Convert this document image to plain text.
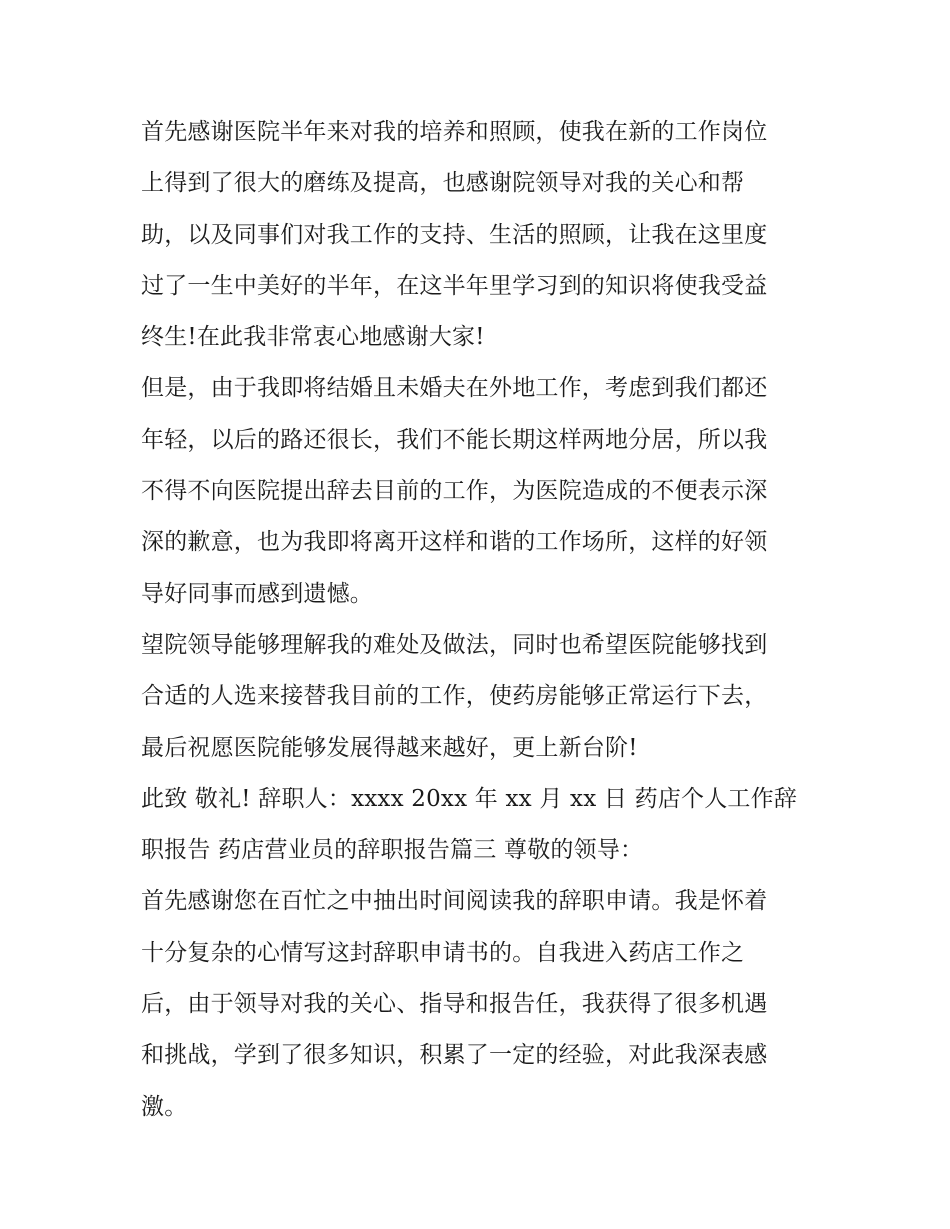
首先感谢医院半年来对我的培养和照顾，使我在新的工作岗位
上得到了很大的磨练及提高，也感谢院领导对我的关心和帮
助，以及同事们对我工作的支持、生活的照顾，让我在这里度
过了一生中美好的半年，在这半年里学习到的知识将使我受益
终生!在此我非常衷心地感谢大家!
但是，由于我即将结婚且未婚夫在外地工作，考虑到我们都还
年轻，以后的路还很长，我们不能长期这样两地分居，所以我
不得不向医院提出辞去目前的工作，为医院造成的不便表示深
深的歉意，也为我即将离开这样和谐的工作场所，这样的好领
导好同事而感到遗憾。
望院领导能够理解我的难处及做法，同时也希望医院能够找到
合适的人选来接替我目前的工作，使药房能够正常运行下去，
最后祝愿医院能够发展得越来越好，更上新台阶!
此致 敬礼! 辞职人：xxxx 20xx 年 xx 月 xx 日 药店个人工作辞
职报告 药店营业员的辞职报告篇三 尊敬的领导：
首先感谢您在百忙之中抽出时间阅读我的辞职申请。我是怀着
十分复杂的心情写这封辞职申请书的。自我进入药店工作之
后，由于领导对我的关心、指导和报告任，我获得了很多机遇
和挑战，学到了很多知识，积累了一定的经验，对此我深表感
激。
